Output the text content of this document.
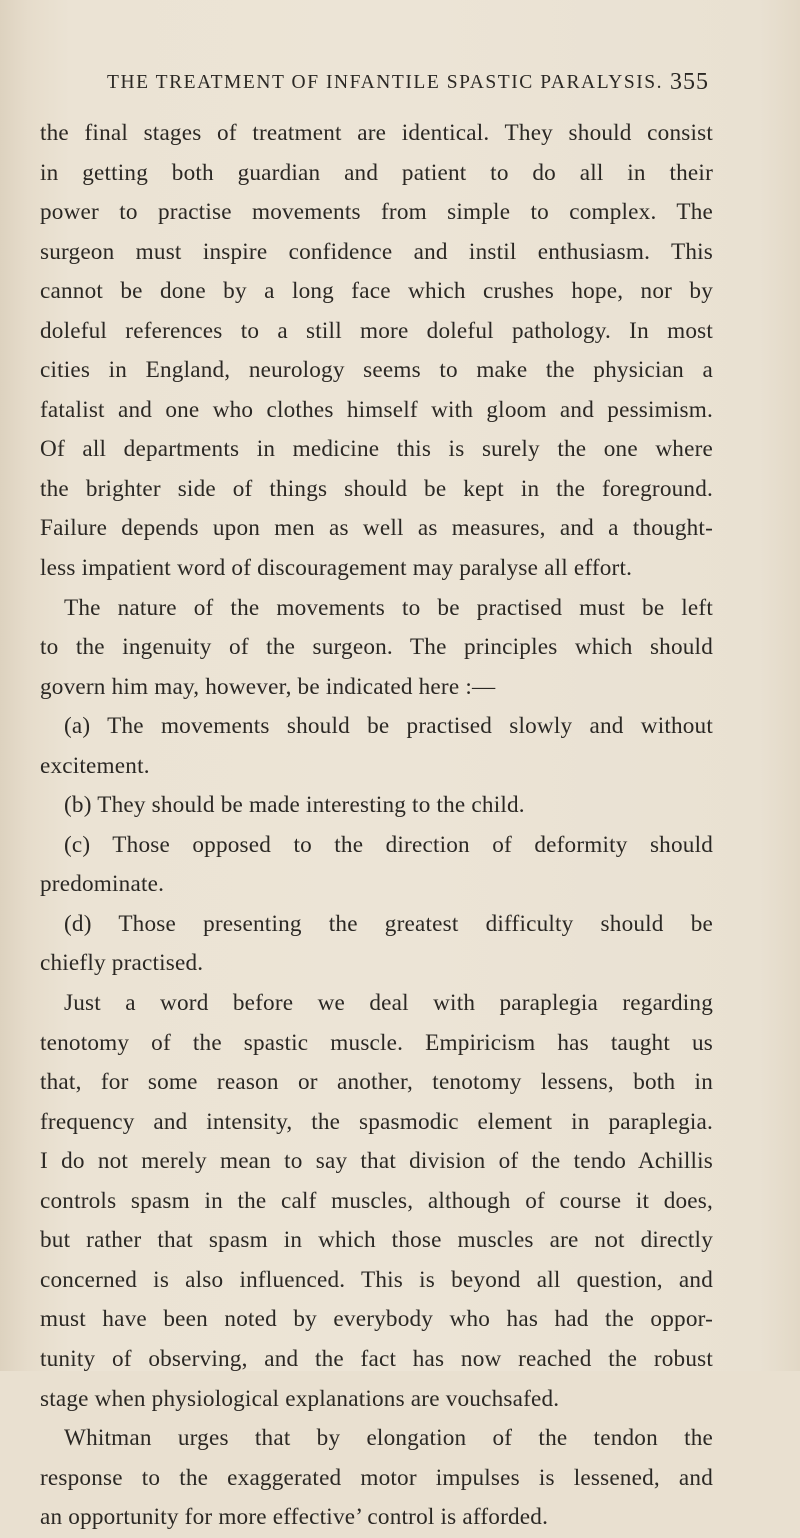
THE TREATMENT OF INFANTILE SPASTIC PARALYSIS. 355
the final stages of treatment are identical. They should consist
in getting both guardian and patient to do all in their
power to practise movements from simple to complex. The
surgeon must inspire confidence and instil enthusiasm. This
cannot be done by a long face which crushes hope, nor by
doleful references to a still more doleful pathology. In most
cities in England, neurology seems to make the physician a
fatalist and one who clothes himself with gloom and pessimism.
Of all departments in medicine this is surely the one where
the brighter side of things should be kept in the foreground.
Failure depends upon men as well as measures, and a thought-
less impatient word of discouragement may paralyse all effort.
The nature of the movements to be practised must be left
to the ingenuity of the surgeon. The principles which should
govern him may, however, be indicated here :—
(a) The movements should be practised slowly and without
excitement.
(b) They should be made interesting to the child.
(c) Those opposed to the direction of deformity should
predominate.
(d) Those presenting the greatest difficulty should be
chiefly practised.
Just a word before we deal with paraplegia regarding
tenotomy of the spastic muscle. Empiricism has taught us
that, for some reason or another, tenotomy lessens, both in
frequency and intensity, the spasmodic element in paraplegia.
I do not merely mean to say that division of the tendo Achillis
controls spasm in the calf muscles, although of course it does,
but rather that spasm in which those muscles are not directly
concerned is also influenced. This is beyond all question, and
must have been noted by everybody who has had the oppor-
tunity of observing, and the fact has now reached the robust
stage when physiological explanations are vouchsafed.
Whitman urges that by elongation of the tendon the
response to the exaggerated motor impulses is lessened, and
an opportunity for more effective’ control is afforded.
